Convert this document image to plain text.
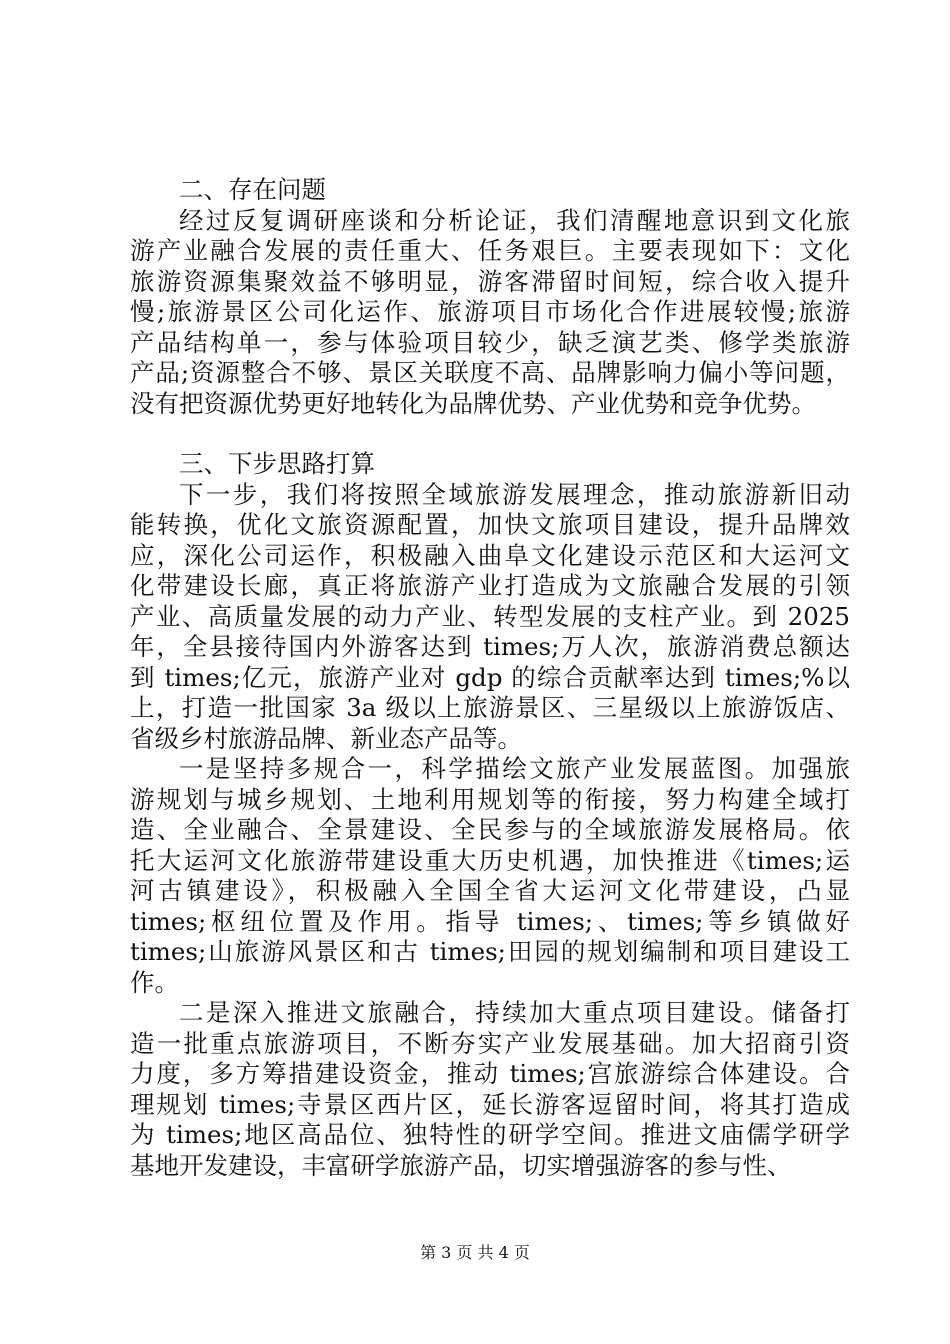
二、存在问题
经过反复调研座谈和分析论证，我们清醒地意识到文化旅
游产业融合发展的责任重大、任务艰巨。主要表现如下：文化
旅游资源集聚效益不够明显，游客滞留时间短，综合收入提升
慢;旅游景区公司化运作、旅游项目市场化合作进展较慢;旅游
产品结构单一，参与体验项目较少，缺乏演艺类、修学类旅游
产品;资源整合不够、景区关联度不高、品牌影响力偏小等问题，
没有把资源优势更好地转化为品牌优势、产业优势和竞争优势。
三、下步思路打算
下一步，我们将按照全域旅游发展理念，推动旅游新旧动
能转换，优化文旅资源配置，加快文旅项目建设，提升品牌效
应，深化公司运作，积极融入曲阜文化建设示范区和大运河文
化带建设长廊，真正将旅游产业打造成为文旅融合发展的引领
产业、高质量发展的动力产业、转型发展的支柱产业。到 2025
年，全县接待国内外游客达到 times;万人次，旅游消费总额达
到 times;亿元，旅游产业对 gdp 的综合贡献率达到 times;%以
上，打造一批国家 3a 级以上旅游景区、三星级以上旅游饭店、
省级乡村旅游品牌、新业态产品等。
一是坚持多规合一，科学描绘文旅产业发展蓝图。加强旅
游规划与城乡规划、土地利用规划等的衔接，努力构建全域打
造、全业融合、全景建设、全民参与的全域旅游发展格局。依
托大运河文化旅游带建设重大历史机遇，加快推进《times;运
河古镇建设》，积极融入全国全省大运河文化带建设，凸显
times;枢纽位置及作用。指导 times;、times;等乡镇做好
times;山旅游风景区和古 times;田园的规划编制和项目建设工
作。
二是深入推进文旅融合，持续加大重点项目建设。储备打
造一批重点旅游项目，不断夯实产业发展基础。加大招商引资
力度，多方筹措建设资金，推动 times;宫旅游综合体建设。合
理规划 times;寺景区西片区，延长游客逗留时间，将其打造成
为 times;地区高品位、独特性的研学空间。推进文庙儒学研学
基地开发建设，丰富研学旅游产品，切实增强游客的参与性、
第 3 页 共 4 页
